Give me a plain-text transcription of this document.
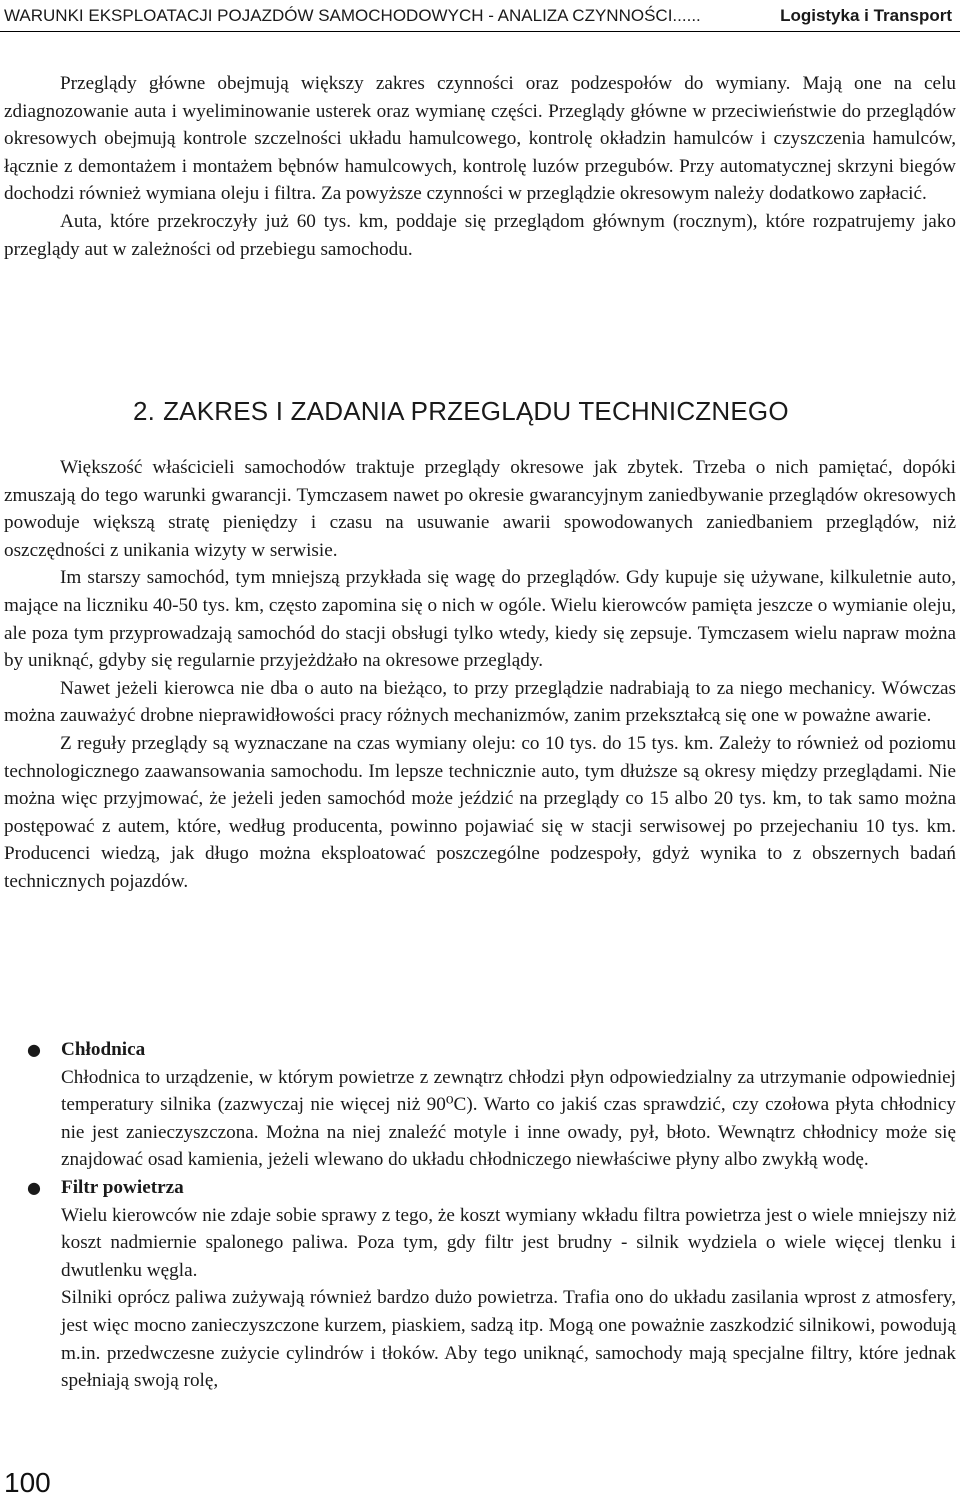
WARUNKI EKSPLOATACJI POJAZDÓW SAMOCHODOWYCH - ANALIZA CZYNNOŚCI......	Logistyka i Transport

Przeglądy główne obejmują większy zakres czynności oraz podzespołów do wymiany. Mają one na celu zdiagnozowanie auta i wyeliminowanie usterek oraz wymianę części. Przeglądy główne w przeciwieństwie do przeglądów okresowych obejmują kontrole szczelności układu hamulcowego, kontrolę okładzin hamulców i czyszczenia hamulców, łącznie z demontażem i montażem bębnów hamulcowych, kontrolę luzów przegubów. Przy automatycznej skrzyni biegów dochodzi również wymiana oleju i filtra. Za powyższe czynności w przeglądzie okresowym należy dodatkowo zapłacić.

Auta, które przekroczyły już 60 tys. km, poddaje się przeglądom głównym (rocznym), które rozpatrujemy jako przeglądy aut w zależności od przebiegu samochodu.

2. ZAKRES I ZADANIA PRZEGLĄDU TECHNICZNEGO

Większość właścicieli samochodów traktuje przeglądy okresowe jak zbytek. Trzeba o nich pamiętać, dopóki zmuszają do tego warunki gwarancji. Tymczasem nawet po okresie gwarancyjnym zaniedbywanie przeglądów okresowych powoduje większą stratę pieniędzy i czasu na usuwanie awarii spowodowanych zaniedbaniem przeglądów, niż oszczędności z unikania wizyty w serwisie.

Im starszy samochód, tym mniejszą przykłada się wagę do przeglądów. Gdy kupuje się używane, kilkuletnie auto, mające na liczniku 40-50 tys. km, często zapomina się o nich w ogóle. Wielu kierowców pamięta jeszcze o wymianie oleju, ale poza tym przyprowadzają samochód do stacji obsługi tylko wtedy, kiedy się zepsuje. Tymczasem wielu napraw można by uniknąć, gdyby się regularnie przyjeżdżało na okresowe przeglądy.

Nawet jeżeli kierowca nie dba o auto na bieżąco, to przy przeglądzie nadrabiają to za niego mechanicy. Wówczas można zauważyć drobne nieprawidłowości pracy różnych mechanizmów, zanim przekształcą się one w poważne awarie.

Z reguły przeglądy są wyznaczane na czas wymiany oleju: co 10 tys. do 15 tys. km. Zależy to również od poziomu technologicznego zaawansowania samochodu. Im lepsze technicznie auto, tym dłuższe są okresy między przeglądami. Nie można więc przyjmować, że jeżeli jeden samochód może jeździć na przeglądy co 15 albo 20 tys. km, to tak samo można postępować z autem, które, według producenta, powinno pojawiać się w stacji serwisowej po przejechaniu 10 tys. km. Producenci wiedzą, jak długo można eksploatować poszczególne podzespoły, gdyż wynika to z obszernych badań technicznych pojazdów.

● Chłodnica

Chłodnica to urządzenie, w którym powietrze z zewnątrz chłodzi płyn odpowiedzialny za utrzymanie odpowiedniej temperatury silnika (zazwyczaj nie więcej niż 90⁰C). Warto co jakiś czas sprawdzić, czy czołowa płyta chłodnicy nie jest zanieczyszczona. Można na niej znaleźć motyle i inne owady, pył, błoto. Wewnątrz chłodnicy może się znajdować osad kamienia, jeżeli wlewano do układu chłodniczego niewłaściwe płyny albo zwykłą wodę.

● Filtr powietrza

Wielu kierowców nie zdaje sobie sprawy z tego, że koszt wymiany wkładu filtra powietrza jest o wiele mniejszy niż koszt nadmiernie spalonego paliwa. Poza tym, gdy filtr jest brudny - silnik wydziela o wiele więcej tlenku i dwutlenku węgla.

Silniki oprócz paliwa zużywają również bardzo dużo powietrza. Trafia ono do układu zasilania wprost z atmosfery, jest więc mocno zanieczyszczone kurzem, piaskiem, sadzą itp. Mogą one poważnie zaszkodzić silnikowi, powodują m.in. przedwczesne zużycie cylindrów i tłoków. Aby tego uniknąć, samochody mają specjalne filtry, które jednak spełniają swoją rolę,

100
